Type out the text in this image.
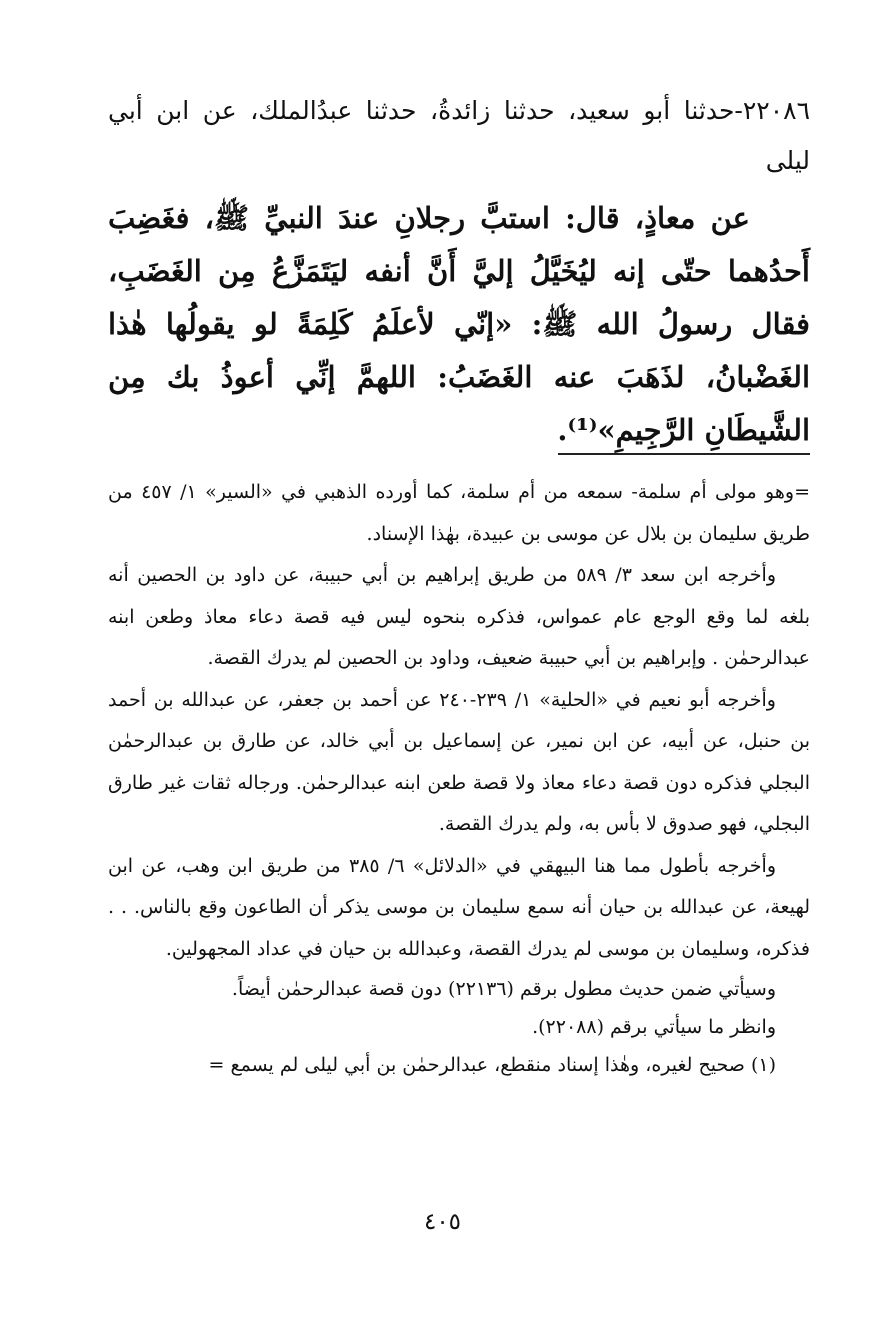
٢٢٠٨٦-حدثنا أبو سعيد، حدثنا زائدةُ، حدثنا عبدُالملك، عن ابن أبي ليلى

عن معاذٍ، قال: استبَّ رجلانِ عندَ النبيِّ ﷺ، فغَضِبَ أَحدُهما حتّى إنه ليُخَيَّلُ إليَّ أَنَّ أنفه ليَتَمَزَّعُ مِن الغَضَبِ، فقال رسولُ الله ﷺ: «إنّي لأعلَمُ كَلِمَةً لو يقولُها هٰذا الغَضْبانُ، لذَهَبَ عنه الغَضَبُ: اللهمَّ إنِّي أعوذُ بك مِن الشَّيطَانِ الرَّجِيمِ»⁽¹⁾.

=وهو مولى أم سلمة- سمعه من أم سلمة، كما أورده الذهبي في «السير» ١/ ٤٥٧ من طريق سليمان بن بلال عن موسى بن عبيدة، بهٰذا الإسناد.

وأخرجه ابن سعد ٣/ ٥٨٩ من طريق إبراهيم بن أبي حبيبة، عن داود بن الحصين أنه بلغه لما وقع الوجع عام عمواس، فذكره بنحوه ليس فيه قصة دعاء معاذ وطعن ابنه عبدالرحمٰن . وإبراهيم بن أبي حبيبة ضعيف، وداود بن الحصين لم يدرك القصة.

وأخرجه أبو نعيم في «الحلية» ١/ ٢٣٩-٢٤٠ عن أحمد بن جعفر، عن عبدالله بن أحمد بن حنبل، عن أبيه، عن ابن نمير، عن إسماعيل بن أبي خالد، عن طارق بن عبدالرحمٰن البجلي فذكره دون قصة دعاء معاذ ولا قصة طعن ابنه عبدالرحمٰن. ورجاله ثقات غير طارق البجلي، فهو صدوق لا بأس به، ولم يدرك القصة.

وأخرجه بأطول مما هنا البيهقي في «الدلائل» ٦/ ٣٨٥ من طريق ابن وهب، عن ابن لهيعة، عن عبدالله بن حيان أنه سمع سليمان بن موسى يذكر أن الطاعون وقع بالناس. . . فذكره، وسليمان بن موسى لم يدرك القصة، وعبدالله بن حيان في عداد المجهولين.

وسيأتي ضمن حديث مطول برقم (٢٢١٣٦) دون قصة عبدالرحمٰن أيضاً.

وانظر ما سيأتي برقم (٢٢٠٨٨).

(١) صحيح لغيره، وهٰذا إسناد منقطع، عبدالرحمٰن بن أبي ليلى لم يسمع =

٤٠٥
